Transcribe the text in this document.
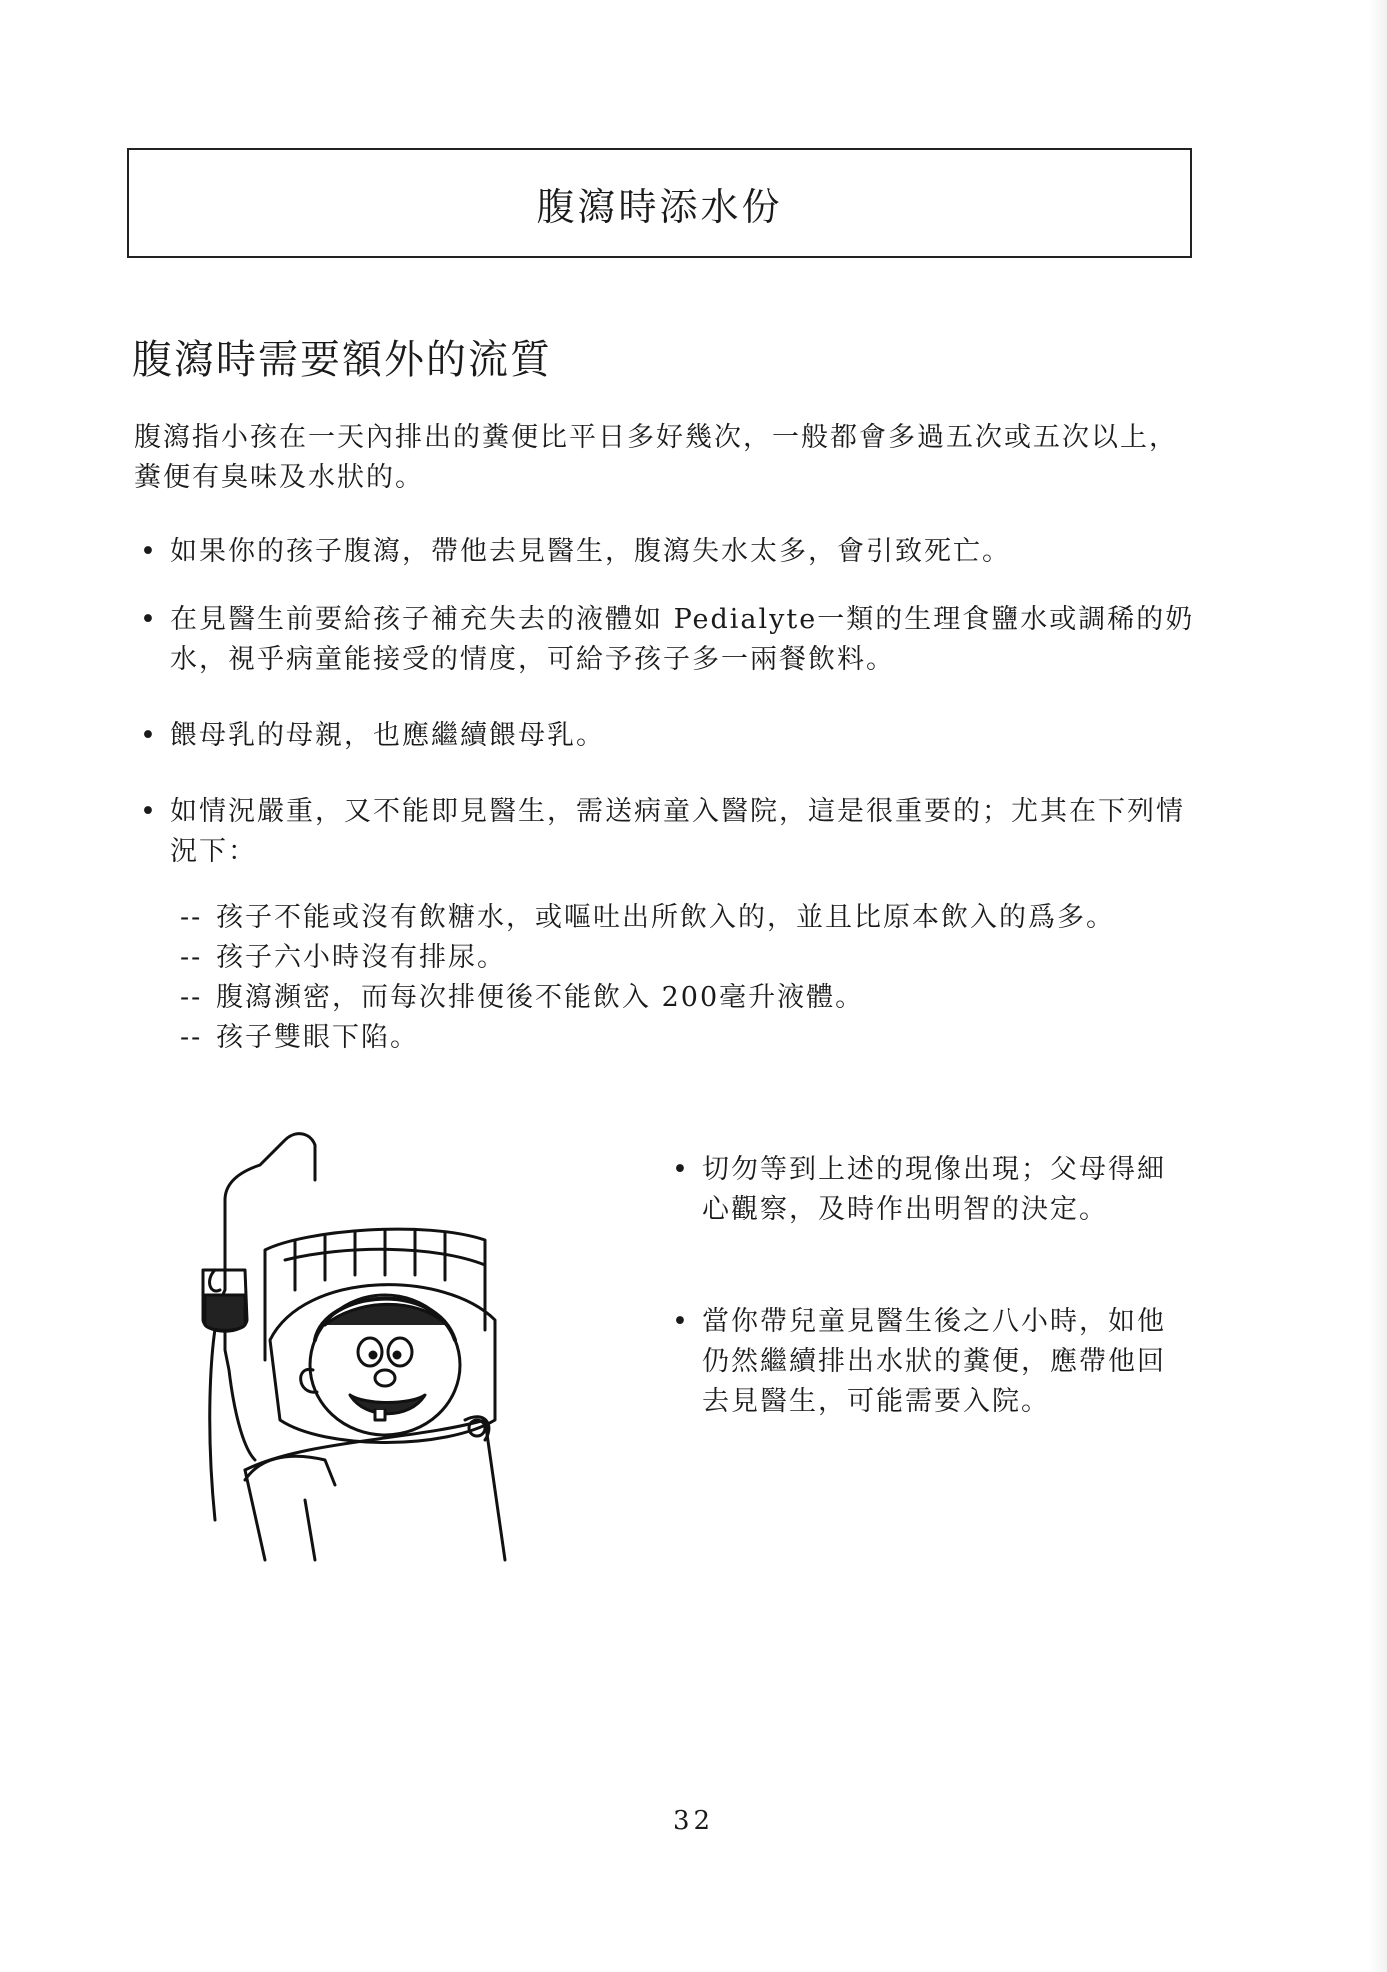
腹瀉時添水份
腹瀉時需要額外的流質
腹瀉指小孩在一天內排出的糞便比平日多好幾次，一般都會多過五次或五次以上，糞便有臭味及水狀的。
• 如果你的孩子腹瀉，帶他去見醫生，腹瀉失水太多，會引致死亡。
• 在見醫生前要給孩子補充失去的液體如 Pedialyte一類的生理食鹽水或調稀的奶水，視乎病童能接受的情度，可給予孩子多一兩餐飲料。
• 餵母乳的母親，也應繼續餵母乳。
• 如情況嚴重，又不能即見醫生，需送病童入醫院，這是很重要的；尤其在下列情況下：
-- 孩子不能或沒有飲糖水，或嘔吐出所飲入的，並且比原本飲入的爲多。
-- 孩子六小時沒有排尿。
-- 腹瀉瀕密，而每次排便後不能飲入 200毫升液體。
-- 孩子雙眼下陷。
• 切勿等到上述的現像出現；父母得細心觀察，及時作出明智的決定。
• 當你帶兒童見醫生後之八小時，如他仍然繼續排出水狀的糞便，應帶他回去見醫生，可能需要入院。
32
